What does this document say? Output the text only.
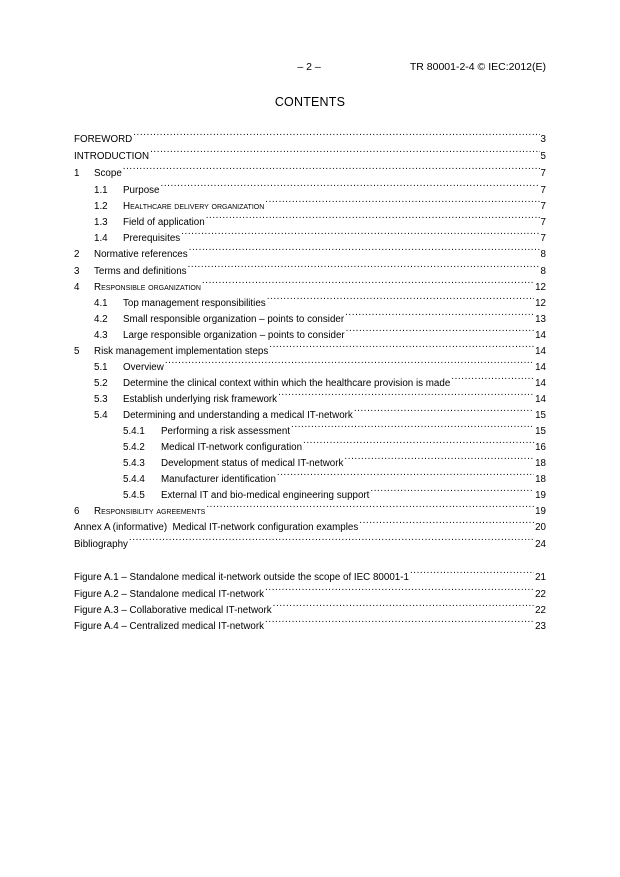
– 2 –	TR 80001-2-4 © IEC:2012(E)
CONTENTS
FOREWORD .....	3
INTRODUCTION .....	5
1	Scope .....	7
1.1	Purpose .....	7
1.2	Healthcare delivery organization .....	7
1.3	Field of application .....	7
1.4	Prerequisites .....	7
2	Normative references .....	8
3	Terms and definitions .....	8
4	Responsible organization .....	12
4.1	Top management responsibilities .....	12
4.2	Small responsible organization – points to consider .....	13
4.3	Large responsible organization – points to consider .....	14
5	Risk management implementation steps .....	14
5.1	Overview .....	14
5.2	Determine the clinical context within which the healthcare provision is made .....	14
5.3	Establish underlying risk framework .....	14
5.4	Determining and understanding a medical IT-network .....	15
5.4.1	Performing a risk assessment .....	15
5.4.2	Medical IT-network configuration .....	16
5.4.3	Development status of medical IT-network .....	18
5.4.4	Manufacturer identification .....	18
5.4.5	External IT and bio-medical engineering support .....	19
6	Responsibility agreements .....	19
Annex A (informative)  Medical IT-network configuration examples .....	20
Bibliography .....	24
Figure A.1 – Standalone medical it-network outside the scope of IEC 80001-1 .....	21
Figure A.2 – Standalone medical IT-network .....	22
Figure A.3 – Collaborative medical IT-network .....	22
Figure A.4 – Centralized medical IT-network .....	23
